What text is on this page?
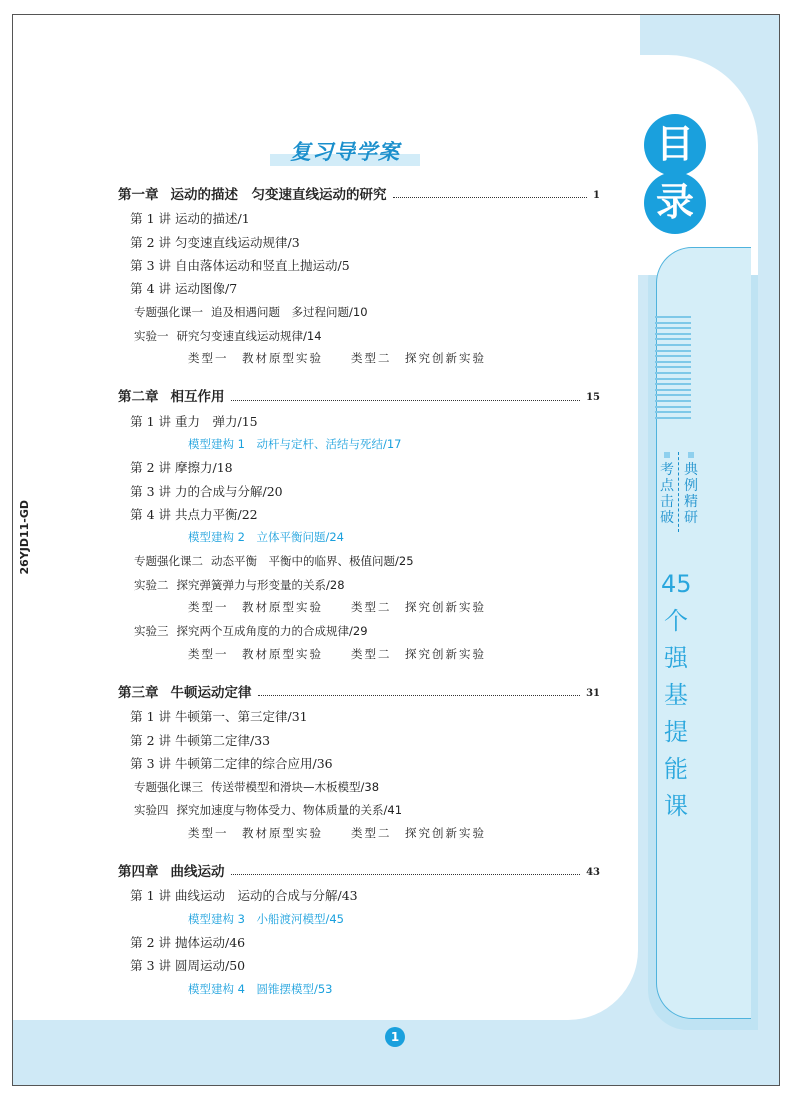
目
录
考点击破
典例精研
45个强基提能课
26YJD11-GD
复习导学案
第一章 运动的描述　匀变速直线运动的研究	1
第 1 讲 运动的描述/1
第 2 讲 匀变速直线运动规律/3
第 3 讲 自由落体运动和竖直上抛运动/5
第 4 讲 运动图像/7
专题强化课一 追及相遇问题　多过程问题/10
实验一 研究匀变速直线运动规律/14
类型一　教材原型实验 类型二　探究创新实验
第二章 相互作用	15
第 1 讲 重力　弹力/15
模型建构 1　动杆与定杆、活结与死结/17
第 2 讲 摩擦力/18
第 3 讲 力的合成与分解/20
第 4 讲 共点力平衡/22
模型建构 2　立体平衡问题/24
专题强化课二 动态平衡　平衡中的临界、极值问题/25
实验二 探究弹簧弹力与形变量的关系/28
类型一　教材原型实验 类型二　探究创新实验
实验三 探究两个互成角度的力的合成规律/29
类型一　教材原型实验 类型二　探究创新实验
第三章 牛顿运动定律	31
第 1 讲 牛顿第一、第三定律/31
第 2 讲 牛顿第二定律/33
第 3 讲 牛顿第二定律的综合应用/36
专题强化课三 传送带模型和滑块—木板模型/38
实验四 探究加速度与物体受力、物体质量的关系/41
类型一　教材原型实验 类型二　探究创新实验
第四章 曲线运动	43
第 1 讲 曲线运动　运动的合成与分解/43
模型建构 3　小船渡河模型/45
第 2 讲 抛体运动/46
第 3 讲 圆周运动/50
模型建构 4　圆锥摆模型/53
1
